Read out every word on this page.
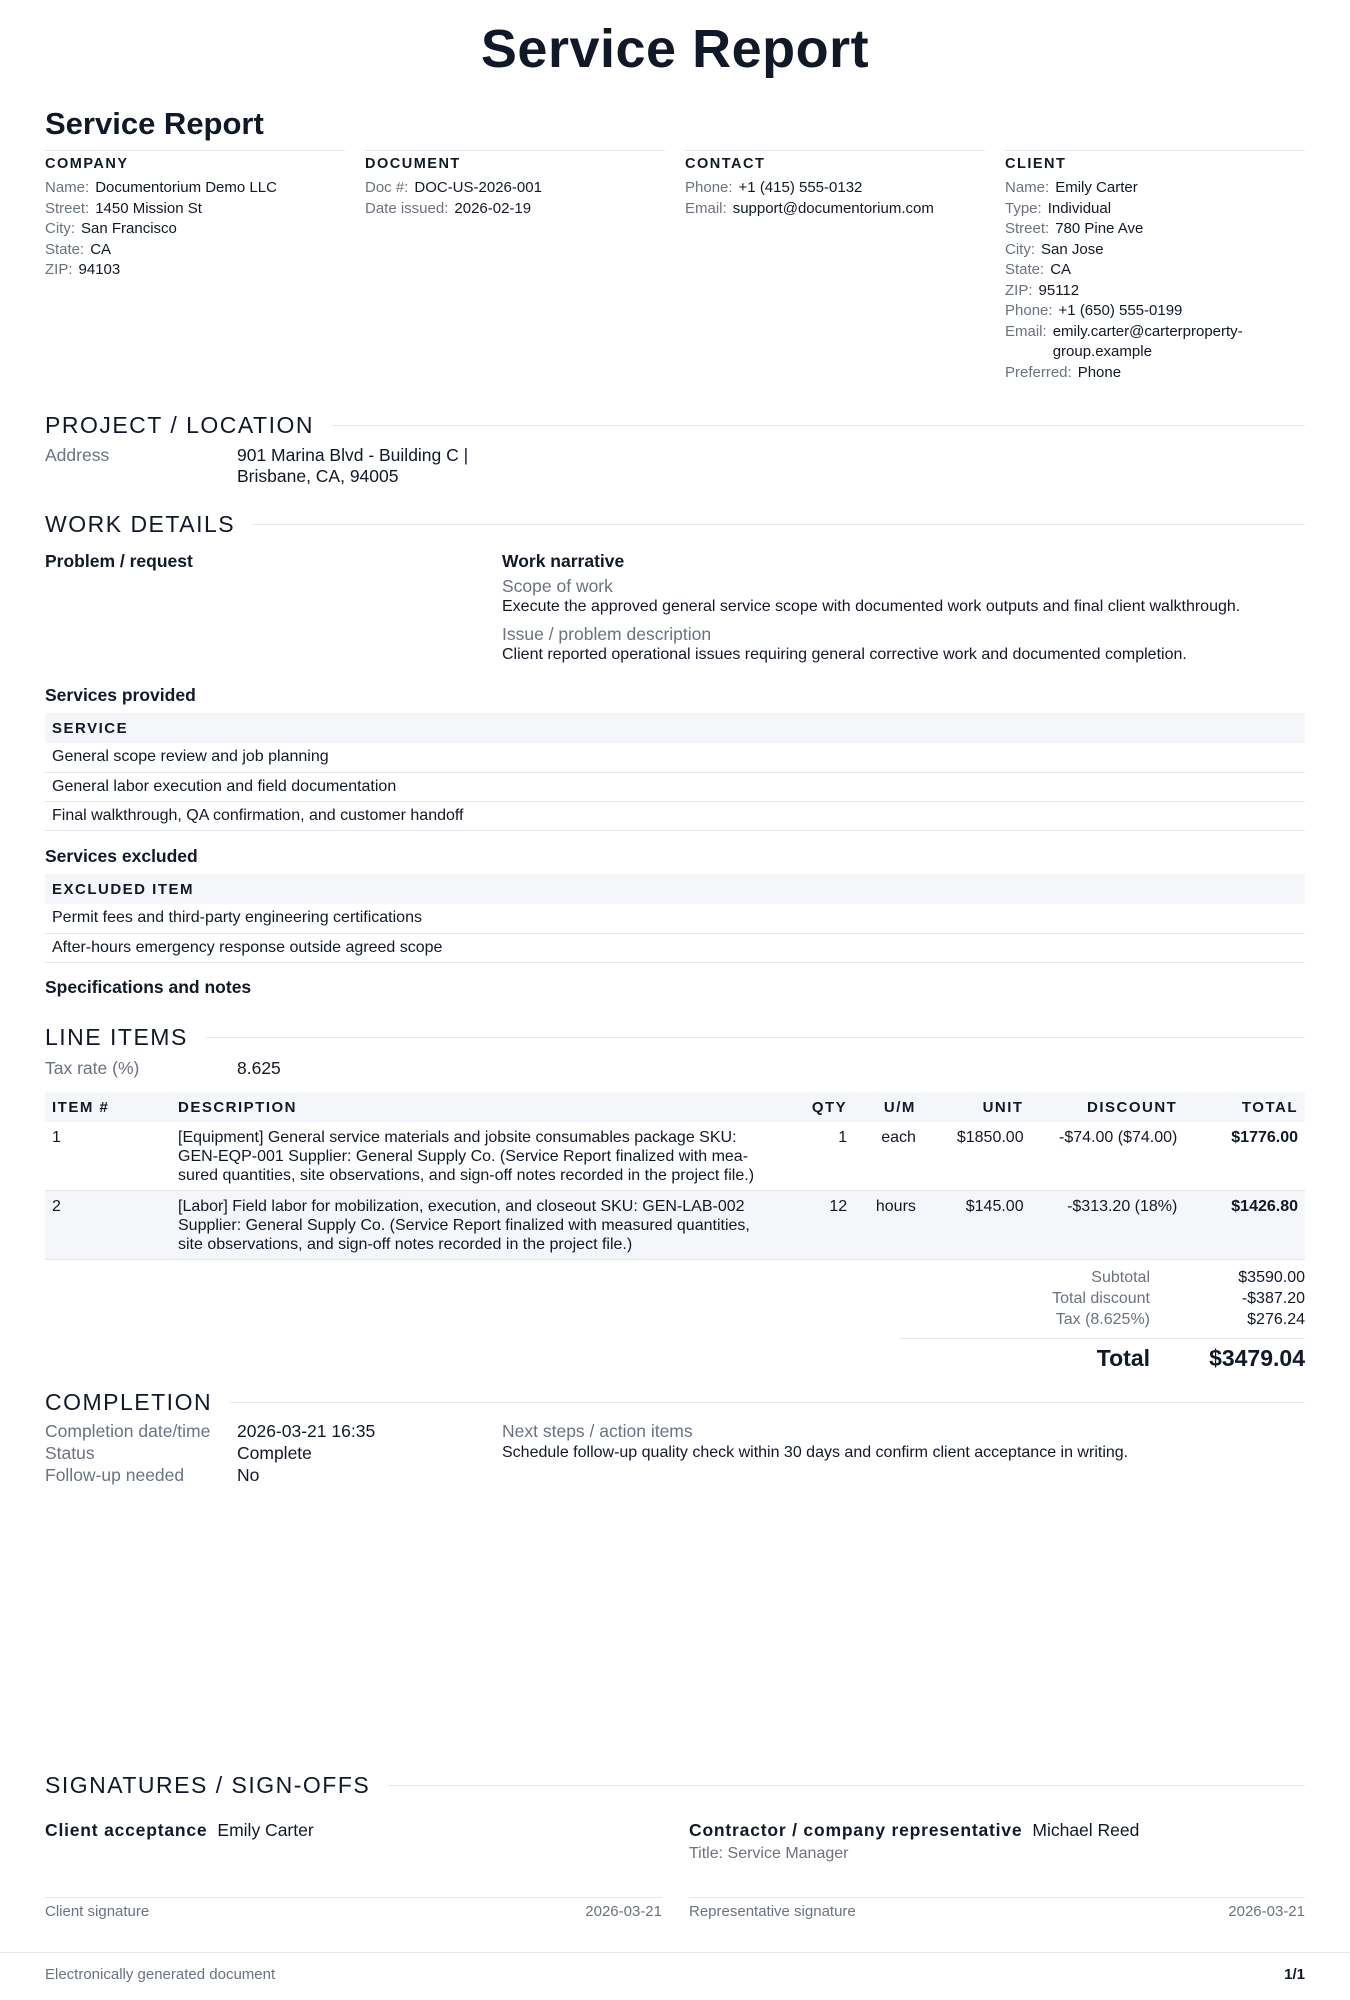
Service Report
Service Report
COMPANY
Name: Documentorium Demo LLC
Street: 1450 Mission St
City: San Francisco
State: CA
ZIP: 94103
DOCUMENT
Doc #: DOC-US-2026-001
Date issued: 2026-02-19
CONTACT
Phone: +1 (415) 555-0132
Email: support@documentorium.com
CLIENT
Name: Emily Carter
Type: Individual
Street: 780 Pine Ave
City: San Jose
State: CA
ZIP: 95112
Phone: +1 (650) 555-0199
Email: emily.carter@carterproperty-group.example
Preferred: Phone
PROJECT / LOCATION
Address	901 Marina Blvd - Building C |
Brisbane, CA, 94005
WORK DETAILS
Problem / request	Work narrative
Scope of work
Execute the approved general service scope with documented work outputs and final client walkthrough.
Issue / problem description
Client reported operational issues requiring general corrective work and documented completion.
Services provided
SERVICE
General scope review and job planning
General labor execution and field documentation
Final walkthrough, QA confirmation, and customer handoff
Services excluded
EXCLUDED ITEM
Permit fees and third-party engineering certifications
After-hours emergency response outside agreed scope
Specifications and notes
LINE ITEMS
Tax rate (%)	8.625
ITEM #	DESCRIPTION	QTY	U/M	UNIT	DISCOUNT	TOTAL
1	[Equipment] General service materials and jobsite consumables package SKU:
GEN-EQP-001 Supplier: General Supply Co. (Service Report finalized with mea-
sured quantities, site observations, and sign-off notes recorded in the project file.)	1	each	$1850.00	-$74.00 ($74.00)	$1776.00
2	[Labor] Field labor for mobilization, execution, and closeout SKU: GEN-LAB-002
Supplier: General Supply Co. (Service Report finalized with measured quantities,
site observations, and sign-off notes recorded in the project file.)	12	hours	$145.00	-$313.20 (18%)	$1426.80
Subtotal	$3590.00
Total discount	-$387.20
Tax (8.625%)	$276.24
Total	$3479.04
COMPLETION
Completion date/time 2026-03-21 16:35
Status	Complete
Follow-up needed	No
Next steps / action items
Schedule follow-up quality check within 30 days and confirm client acceptance in writing.
SIGNATURES / SIGN-OFFS
Client acceptance Emily Carter	Contractor / company representative Michael Reed
Title: Service Manager
Client signature	2026-03-21 Representative signature	2026-03-21
Electronically generated document	1/1
